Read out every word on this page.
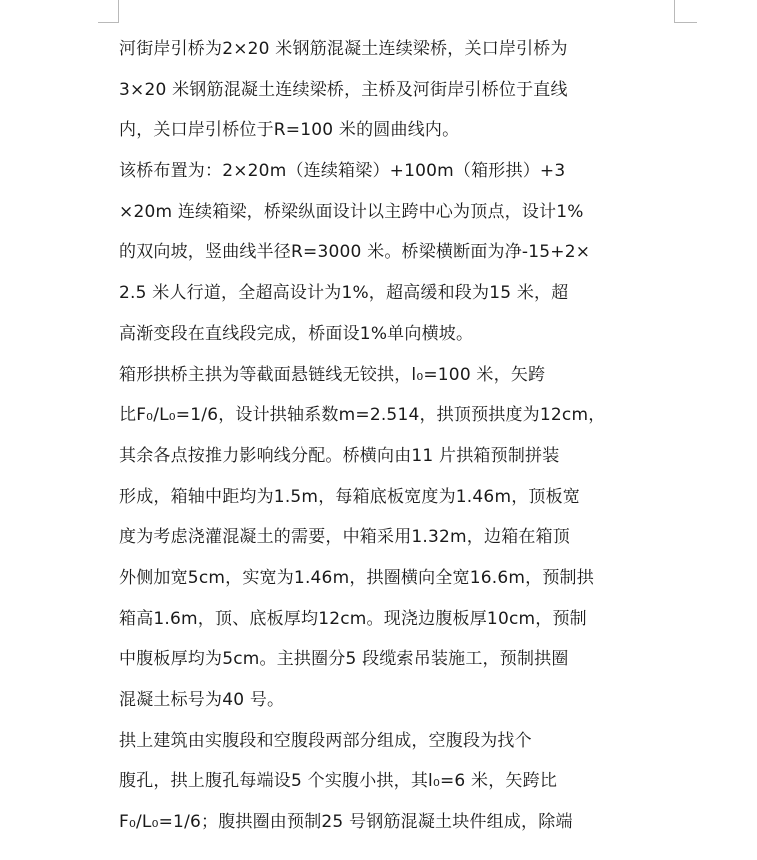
河街岸引桥为2×20 米钢筋混凝土连续梁桥，关口岸引桥为
3×20 米钢筋混凝土连续梁桥，主桥及河街岸引桥位于直线
内，关口岸引桥位于R=100 米的圆曲线内。
该桥布置为：2×20m（连续箱梁）+100m（箱形拱）+3
×20m 连续箱梁，桥梁纵面设计以主跨中心为顶点，设计1%
的双向坡，竖曲线半径R=3000 米。桥梁横断面为净-15+2×
2.5 米人行道，全超高设计为1%，超高缓和段为15 米，超
高渐变段在直线段完成，桥面设1%单向横坡。
箱形拱桥主拱为等截面悬链线无铰拱，l₀=100 米，矢跨
比F₀/L₀=1/6，设计拱轴系数m=2.514，拱顶预拱度为12cm，
其余各点按推力影响线分配。桥横向由11 片拱箱预制拼装
形成，箱轴中距均为1.5m，每箱底板宽度为1.46m，顶板宽
度为考虑浇灌混凝土的需要，中箱采用1.32m，边箱在箱顶
外侧加宽5cm，实宽为1.46m，拱圈横向全宽16.6m，预制拱
箱高1.6m，顶、底板厚均12cm。现浇边腹板厚10cm，预制
中腹板厚均为5cm。主拱圈分5 段缆索吊装施工，预制拱圈
混凝土标号为40 号。
拱上建筑由实腹段和空腹段两部分组成，空腹段为找个
腹孔，拱上腹孔每端设5 个实腹小拱，其l₀=6 米，矢跨比
F₀/L₀=1/6；腹拱圈由预制25 号钢筋混凝土块件组成，除端
